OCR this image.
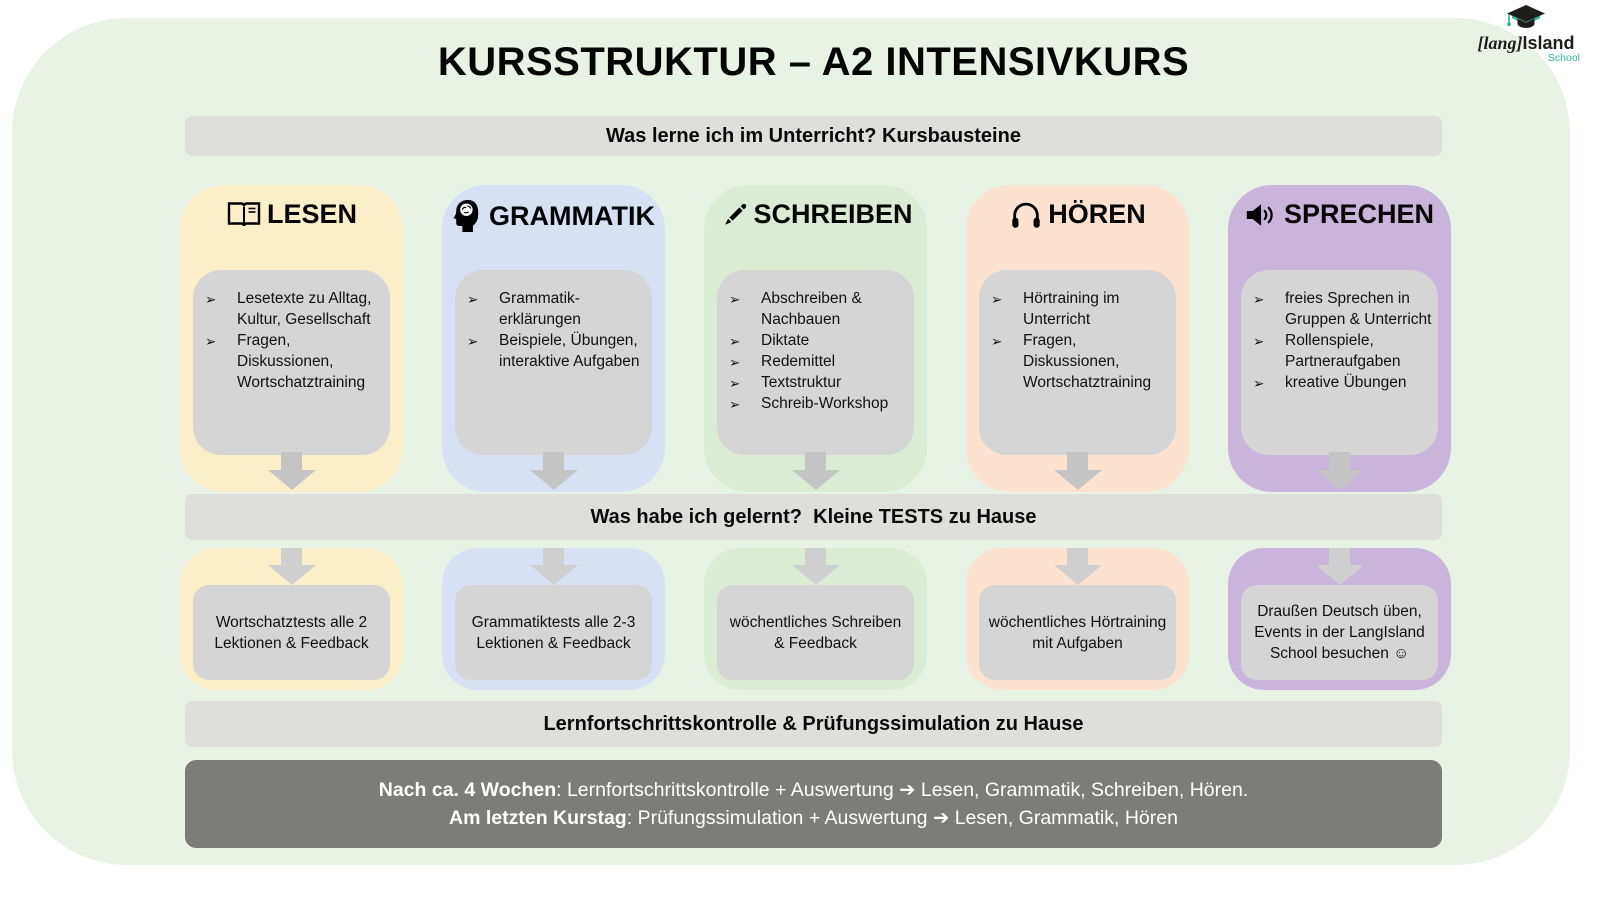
KURSSTRUKTUR – A2 INTENSIVKURS	[lang]Island
School
Was lerne ich im Unterricht? Kursbausteine
Was habe ich gelernt?  Kleine TESTS zu Hause
Lernfortschrittskontrolle & Prüfungssimulation zu Hause
LESEN
➢ Lesetexte zu Alltag, Kultur, Gesellschaft
➢ Fragen, Diskussionen, Wortschatztraining
GRAMMATIK
➢ Grammatik-erklärungen
➢ Beispiele, Übungen, interaktive Aufgaben
SCHREIBEN
➢ Abschreiben & Nachbauen
➢ Diktate
➢ Redemittel
➢ Textstruktur
➢ Schreib-Workshop
HÖREN
➢ Hörtraining im Unterricht
➢ Fragen, Diskussionen, Wortschatztraining
SPRECHEN
➢ freies Sprechen in Gruppen & Unterricht
➢ Rollenspiele, Partneraufgaben
➢ kreative Übungen
Wortschatztests alle 2 Lektionen & Feedback
Grammatiktests alle 2-3 Lektionen & Feedback
wöchentliches Schreiben & Feedback
wöchentliches Hörtraining mit Aufgaben
Draußen Deutsch üben, Events in der LangIsland School besuchen ☺
Nach ca. 4 Wochen: Lernfortschrittskontrolle + Auswertung ➔ Lesen, Grammatik, Schreiben, Hören.
Am letzten Kurstag: Prüfungssimulation + Auswertung ➔ Lesen, Grammatik, Hören
